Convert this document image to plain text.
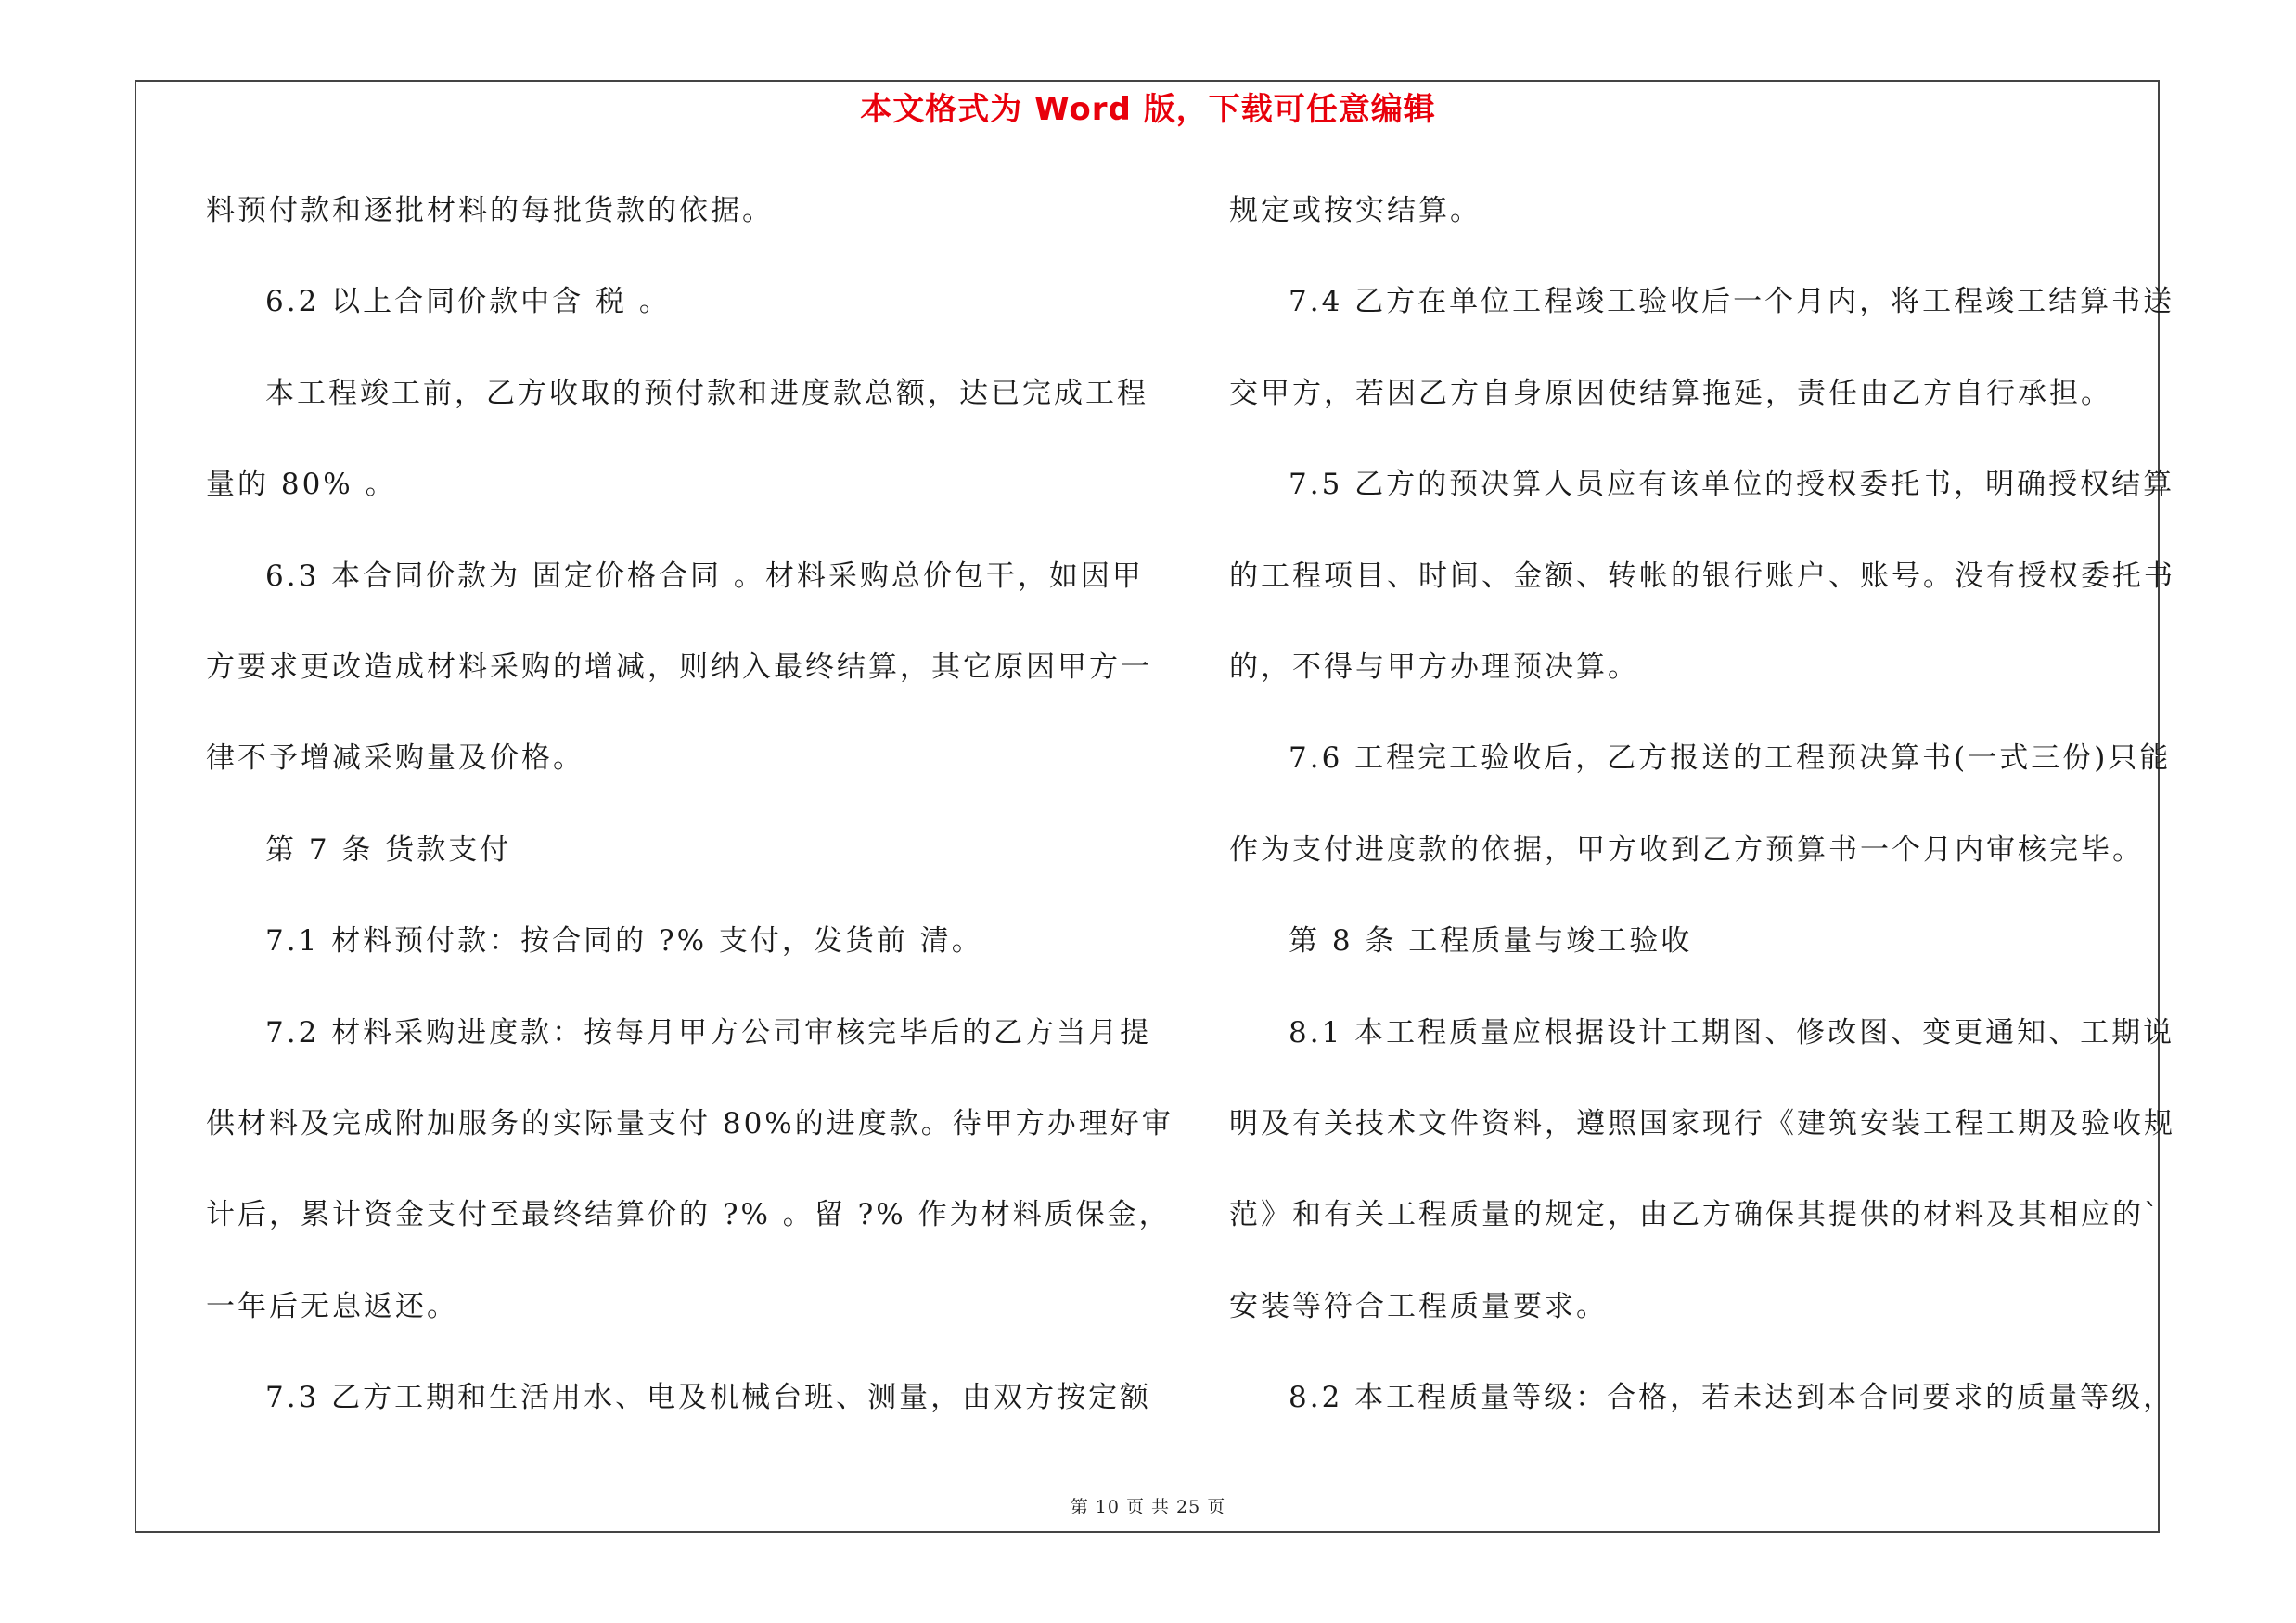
本文格式为 Word 版，下载可任意编辑
料预付款和逐批材料的每批货款的依据。
6.2 以上合同价款中含 税 。
本工程竣工前，乙方收取的预付款和进度款总额，达已完成工程
量的 80% 。
6.3 本合同价款为 固定价格合同 。材料采购总价包干，如因甲
方要求更改造成材料采购的增减，则纳入最终结算，其它原因甲方一
律不予增减采购量及价格。
第 7 条 货款支付
7.1 材料预付款：按合同的 ?% 支付，发货前 清。
7.2 材料采购进度款：按每月甲方公司审核完毕后的乙方当月提
供材料及完成附加服务的实际量支付 80%的进度款。待甲方办理好审
计后，累计资金支付至最终结算价的 ?% 。留 ?% 作为材料质保金，
一年后无息返还。
7.3 乙方工期和生活用水、电及机械台班、测量，由双方按定额
规定或按实结算。
7.4 乙方在单位工程竣工验收后一个月内，将工程竣工结算书送
交甲方，若因乙方自身原因使结算拖延，责任由乙方自行承担。
7.5 乙方的预决算人员应有该单位的授权委托书，明确授权结算
的工程项目、时间、金额、转帐的银行账户、账号。没有授权委托书
的，不得与甲方办理预决算。
7.6 工程完工验收后，乙方报送的工程预决算书(一式三份)只能
作为支付进度款的依据，甲方收到乙方预算书一个月内审核完毕。
第 8 条 工程质量与竣工验收
8.1 本工程质量应根据设计工期图、修改图、变更通知、工期说
明及有关技术文件资料，遵照国家现行《建筑安装工程工期及验收规
范》和有关工程质量的规定，由乙方确保其提供的材料及其相应的`
安装等符合工程质量要求。
8.2 本工程质量等级：合格，若未达到本合同要求的质量等级，
第 10 页 共 25 页
